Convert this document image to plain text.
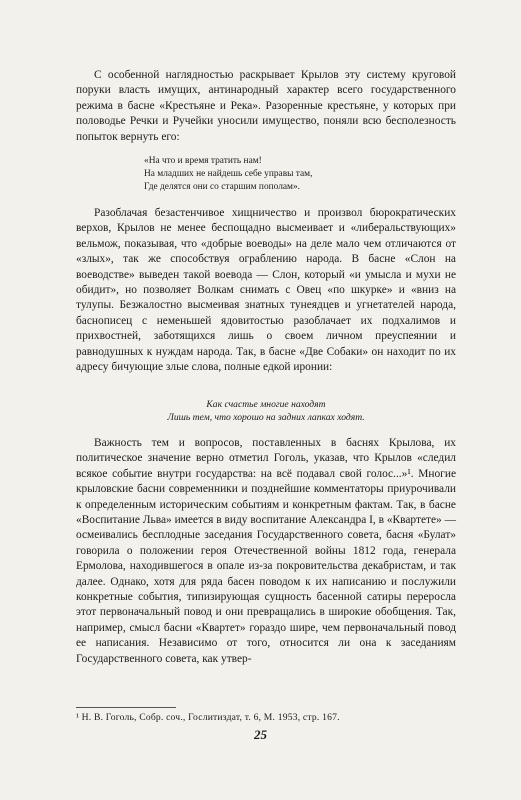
С особенной наглядностью раскрывает Крылов эту систему круговой поруки власть имущих, антинародный характер всего государственного режима в басне «Крестьяне и Река». Разоренные крестьяне, у которых при половодье Речки и Ручейки уносили имущество, поняли всю бесполезность попыток вернуть его:

«На что и время тратить нам!
На младших не найдешь себе управы там,
Где делятся они со старшим пополам».

Разоблачая безастенчивое хищничество и произвол бюрократических верхов, Крылов не менее беспощадно высмеивает и «либеральствующих» вельмож, показывая, что «добрые воеводы» на деле мало чем отличаются от «злых», так же способствуя ограблению народа. В басне «Слон на воеводстве» выведен такой воевода — Слон, который «и умысла и мухи не обидит», но позволяет Волкам снимать с Овец «по шкурке» и «вниз на тулупы. Безжалостно высмеивая знатных тунеядцев и угнетателей народа, баснописец с неменьшей ядовитостью разоблачает их подхалимов и прихвостней, заботящихся лишь о своем личном преуспеянии и равнодушных к нуждам народа. Так, в басне «Две Собаки» он находит по их адресу бичующие злые слова, полные едкой иронии:

Как счастье многие находят
Лишь тем, что хорошо на задних лапках ходят.

Важность тем и вопросов, поставленных в баснях Крылова, их политическое значение верно отметил Гоголь, указав, что Крылов «следил всякое событие внутри государства: на всё подавал свой голос...»¹. Многие крыловские басни современники и позднейшие комментаторы приурочивали к определенным историческим событиям и конкретным фактам. Так, в басне «Воспитание Льва» имеется в виду воспитание Александра I, в «Квартете» — осмеивались бесплодные заседания Государственного совета, басня «Булат» говорила о положении героя Отечественной войны 1812 года, генерала Ермолова, находившегося в опале из-за покровительства декабристам, и так далее. Однако, хотя для ряда басен поводом к их написанию и послужили конкретные события, типизирующая сущность басенной сатиры переросла этот первоначальный повод и они превращались в широкие обобщения. Так, например, смысл басни «Квартет» гораздо шире, чем первоначальный повод ее написания. Независимо от того, относится ли она к заседаниям Государственного совета, как утвер-

¹ Н. В. Гоголь, Собр. соч., Гослитиздат, т. 6, М. 1953, стр. 167.
25
